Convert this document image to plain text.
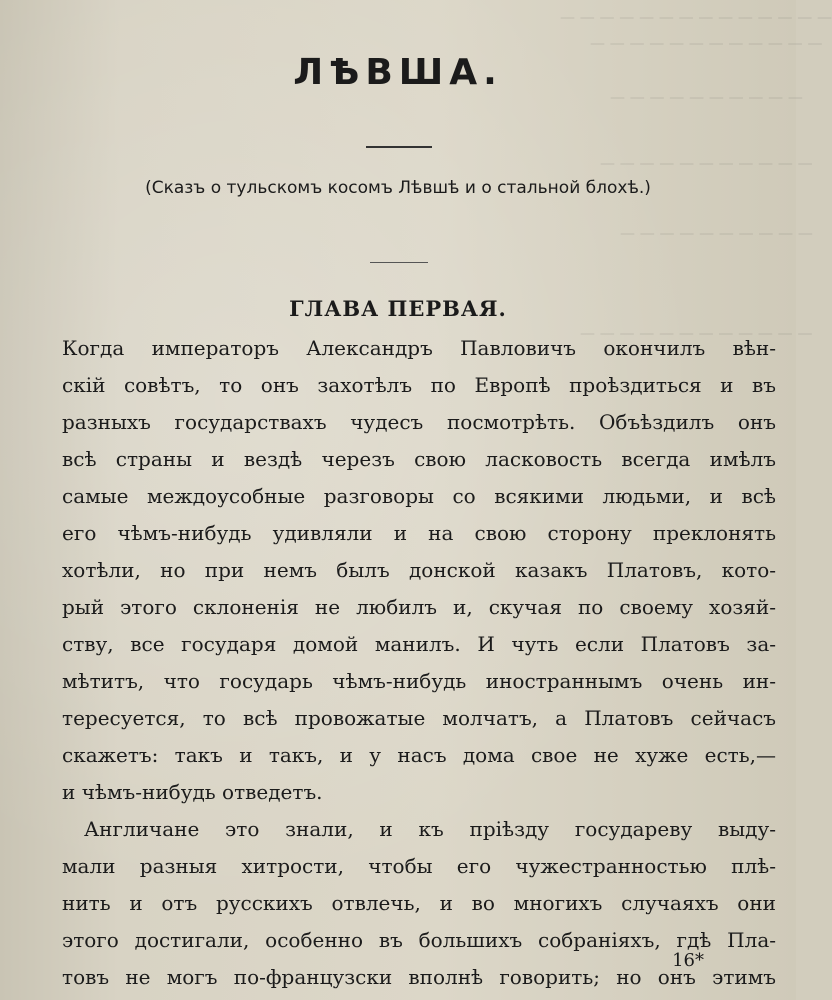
— — — — — — — — — — — — — —
— — — — — — — — — — — —
— — — — — — — — — —
— — — — — — — — — — —
— — — — — — — — — —
— — — — — — — — — — — —
ЛѢВША.

(Сказъ о тульскомъ косомъ Лѣвшѣ и о стальной блохѣ.)

ГЛАВА ПЕРВАЯ.
Когда императоръ Александръ Павловичъ окончилъ вѣн-
скій совѣтъ, то онъ захотѣлъ по Европѣ проѣздиться и въ
разныхъ государствахъ чудесъ посмотрѣть. Объѣздилъ онъ
всѣ страны и вездѣ черезъ свою ласковость всегда имѣлъ
самые междоусобные разговоры со всякими людьми, и всѣ
его чѣмъ-нибудь удивляли и на свою сторону преклонять
хотѣли, но при немъ былъ донской казакъ Платовъ, кото-
рый этого склоненія не любилъ и, скучая по своему хозяй-
ству, все государя домой манилъ. И чуть если Платовъ за-
мѣтитъ, что государь чѣмъ-нибудь иностраннымъ очень ин-
тересуется, то всѣ провожатые молчатъ, а Платовъ сейчасъ
скажетъ: такъ и такъ, и у насъ дома свое не хуже есть,—
и чѣмъ-нибудь отведетъ.
Англичане это знали, и къ пріѣзду государеву выду-
мали разныя хитрости, чтобы его чужестранностью плѣ-
нить и отъ русскихъ отвлечь, и во многихъ случаяхъ они
этого достигали, особенно въ большихъ собраніяхъ, гдѣ Пла-
товъ не могъ по-французски вполнѣ говорить; но онъ этимъ

16*
